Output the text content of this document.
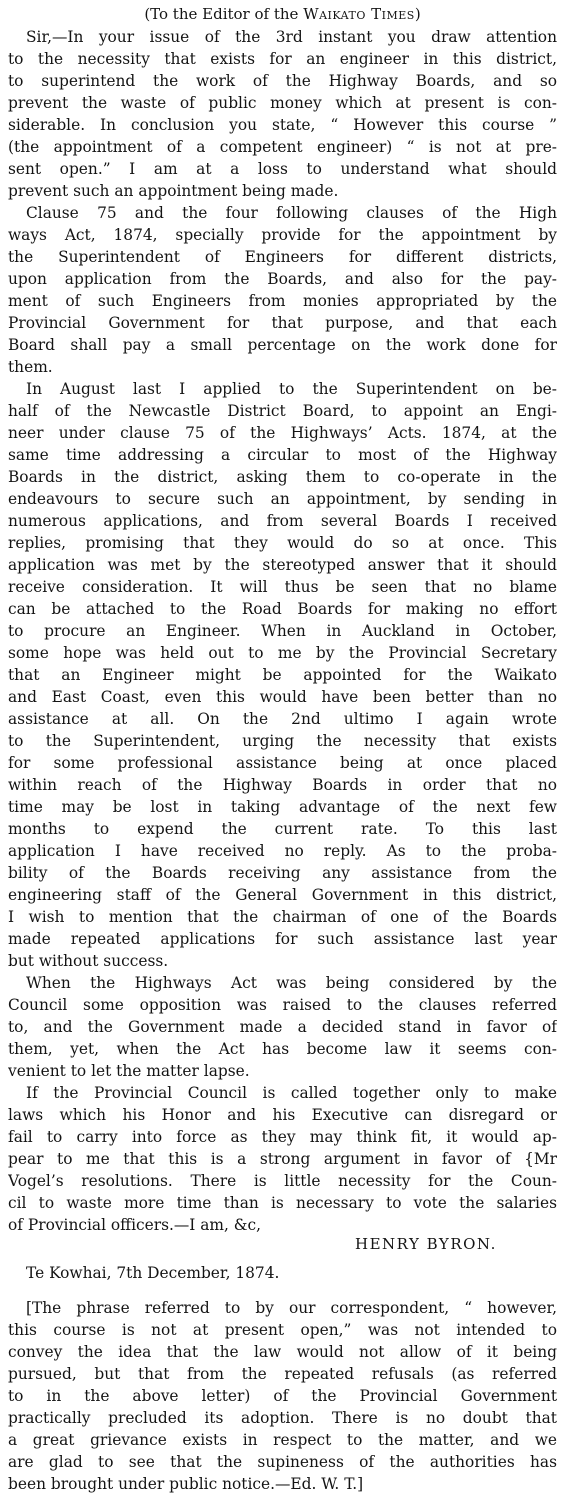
(To the Editor of the Waikato Times)

Sir,—In your issue of the 3rd instant you draw attention
to the necessity that exists for an engineer in this district,
to superintend the work of the Highway Boards, and so
prevent the waste of public money which at present is con-
siderable. In conclusion you state, “ However this course ”
(the appointment of a competent engineer) “ is not at pre-
sent open.” I am at a loss to understand what should
prevent such an appointment being made.
Clause 75 and the four following clauses of the High
ways Act, 1874, specially provide for the appointment by
the Superintendent of Engineers for different districts,
upon application from the Boards, and also for the pay-
ment of such Engineers from monies appropriated by the
Provincial Government for that purpose, and that each
Board shall pay a small percentage on the work done for
them.
In August last I applied to the Superintendent on be-
half of the Newcastle District Board, to appoint an Engi-
neer under clause 75 of the Highways’ Acts. 1874, at the
same time addressing a circular to most of the Highway
Boards in the district, asking them to co-operate in the
endeavours to secure such an appointment, by sending in
numerous applications, and from several Boards I received
replies, promising that they would do so at once. This
application was met by the stereotyped answer that it should
receive consideration. It will thus be seen that no blame
can be attached to the Road Boards for making no effort
to procure an Engineer. When in Auckland in October,
some hope was held out to me by the Provincial Secretary
that an Engineer might be appointed for the Waikato
and East Coast, even this would have been better than no
assistance at all. On the 2nd ultimo I again wrote
to the Superintendent, urging the necessity that exists
for some professional assistance being at once placed
within reach of the Highway Boards in order that no
time may be lost in taking advantage of the next few
months to expend the current rate. To this last
application I have received no reply. As to the proba-
bility of the Boards receiving any assistance from the
engineering staff of the General Government in this district,
I wish to mention that the chairman of one of the Boards
made repeated applications for such assistance last year
but without success.
When the Highways Act was being considered by the
Council some opposition was raised to the clauses referred
to, and the Government made a decided stand in favor of
them, yet, when the Act has become law it seems con-
venient to let the matter lapse.
If the Provincial Council is called together only to make
laws which his Honor and his Executive can disregard or
fail to carry into force as they may think fit, it would ap-
pear to me that this is a strong argument in favor of {Mr
Vogel’s resolutions. There is little necessity for the Coun-
cil to waste more time than is necessary to vote the salaries
of Provincial officers.—I am, &c,
HENRY BYRON.
Te Kowhai, 7th December, 1874.
[The phrase referred to by our correspondent, “ however,
this course is not at present open,” was not intended to
convey the idea that the law would not allow of it being
pursued, but that from the repeated refusals (as referred
to in the above letter) of the Provincial Government
practically precluded its adoption. There is no doubt that
a great grievance exists in respect to the matter, and we
are glad to see that the supineness of the authorities has
been brought under public notice.—Ed. W. T.]
